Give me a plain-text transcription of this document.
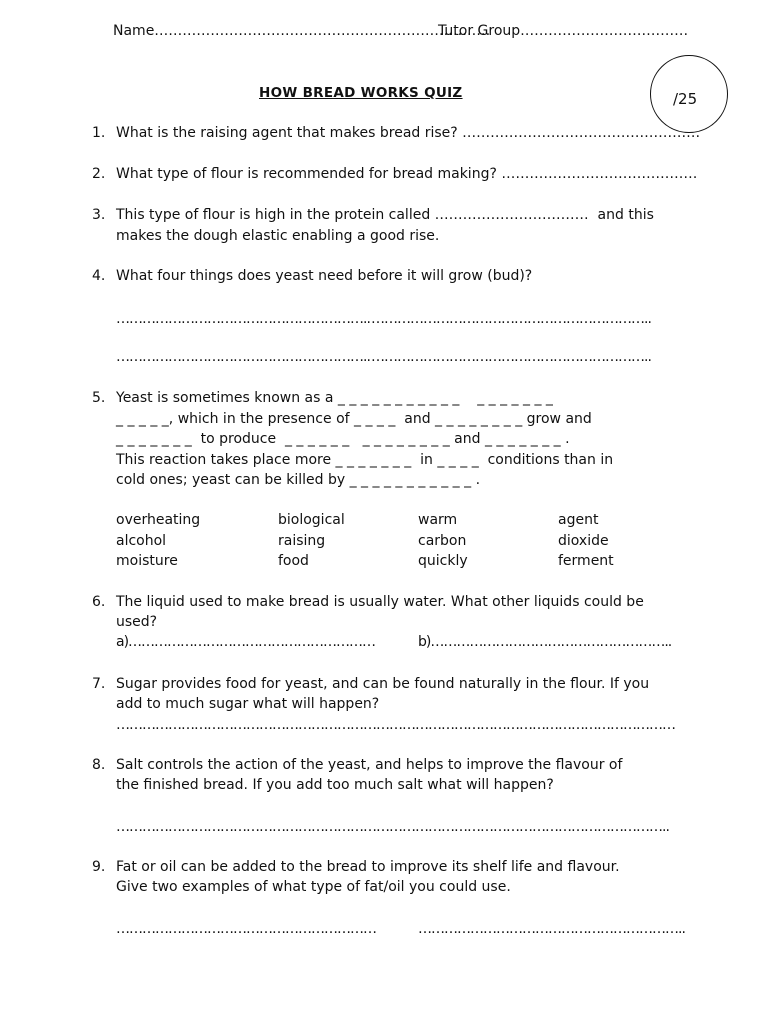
Name………………………………………………………………
Tutor Group………………………………
/25
HOW BREAD WORKS QUIZ
1. What is the raising agent that makes bread rise? ……………………………………………
2. What type of flour is recommended for bread making? ……………………………………
3. This type of flour is high in the protein called ……………………………  and this
makes the dough elastic enabling a good rise.
4. What four things does yeast need before it will grow (bud)?
………………………………………………….. ………………………………………………………..
………………………………………………….. ………………………………………………………..
5. Yeast is sometimes known as a _ _ _ _ _ _ _ _ _ _ _    _ _ _ _ _ _ _
_ _ _ _ _, which in the presence of _ _ _ _  and _ _ _ _ _ _ _ _ grow and
_ _ _ _ _ _ _  to produce  _ _ _ _ _ _   _ _ _ _ _ _ _ _ and _ _ _ _ _ _ _ .
This reaction takes place more _ _ _ _ _ _ _  in _ _ _ _  conditions than in
cold ones; yeast can be killed by _ _ _ _ _ _ _ _ _ _ _ .
overheating	biological	warm	agent
alcohol	raising	carbon	dioxide
moisture	food	quickly	ferment
6. The liquid used to make bread is usually water. What other liquids could be
used?
a)…………………………………………………	b)………………………………………………..
7. Sugar provides food for yeast, and can be found naturally in the flour. If you
add to much sugar what will happen?
…………………………………………………………………………………………………………………
8. Salt controls the action of the yeast, and helps to improve the flavour of
the finished bread. If you add too much salt what will happen?
………………………………………………………………………………………………………………..
9. Fat or oil can be added to the bread to improve its shelf life and flavour.
Give two examples of what type of fat/oil you could use.
……………………………………………………	……………………………………………………..
